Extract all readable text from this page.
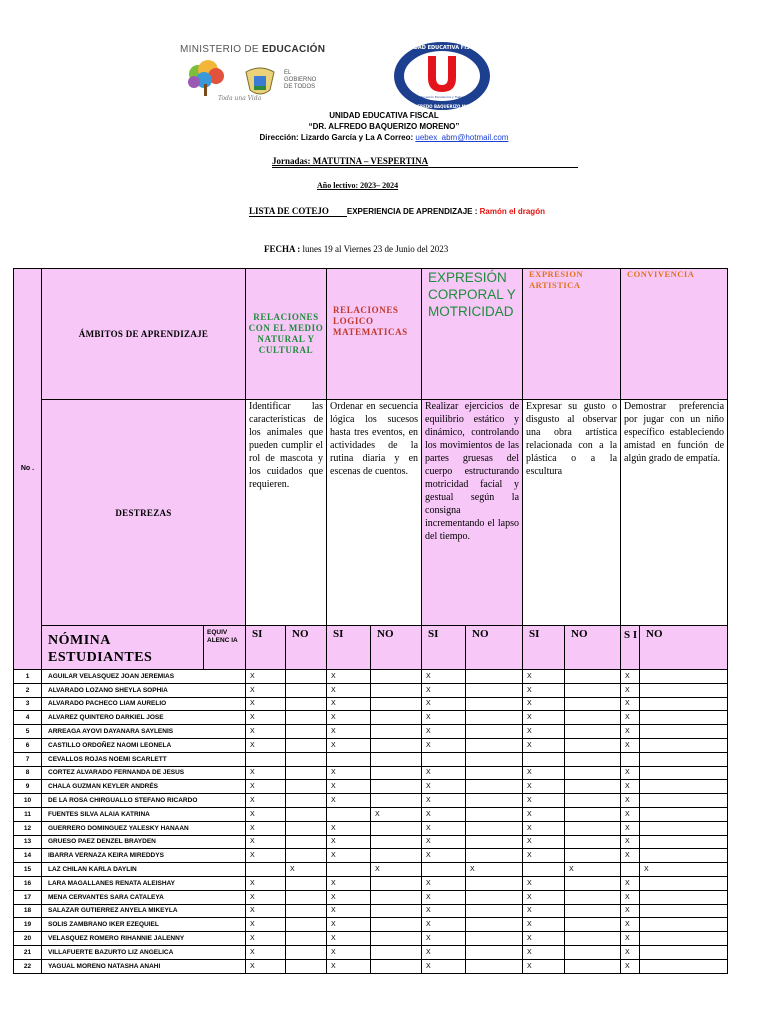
MINISTERIO DE EDUCACIÓN
Toda una Vida
EL
GOBIERNO
DE TODOS
Educación Excelencia y Trabajo
UNIDAD EDUCATIVA FISCAL
DR. ALFREDO BAQUERIZO MORENO
UNIDAD EDUCATIVA FISCAL
“DR. ALFREDO BAQUERIZO MORENO”
Dirección: Lizardo García y La A Correo: uebex_abm@hotmail.com
Jornadas: MATUTINA – VESPERTINA
Año lectivo: 2023– 2024
LISTA DE COTEJO EXPERIENCIA DE APRENDIZAJE : Ramón el dragón
FECHA : lunes 19 al Viernes 23 de Junio del 2023
No .	ÁMBITOS DE APRENDIZAJE		RELACIONES CON EL MEDIO NATURAL Y CULTURAL		RELACIONES LOGICO MATEMATICAS		EXPRESIÓN CORPORAL Y MOTRICIDAD		EXPRESION ARTISTICA		CONVIVENCIA	
	DESTREZAS		Identificar las características de los animales que pueden cumplir el rol de mascota y los cuidados que requieren.		Ordenar en secuencia lógica los sucesos hasta tres eventos, en actividades de la rutina diaria y en escenas de cuentos.		Realizar ejercicios de equilibrio estático y dinámico, controlando los movimientos de las partes gruesas del cuerpo estructurando motricidad facial y gestual según la consigna incrementando el lapso del tiempo.		Expresar su gusto o disgusto al observar una obra artística relacionada con a la plástica o a la escultura		Demostrar preferencia por jugar con un niño específico estableciendo amistad en función de algún grado de empatía.	
	NÓMINA ESTUDIANTES	EQUIV ALENC IA	SI	NO	SI	NO	SI	NO	SI	NO	S I	NO
1	AGUILAR VELASQUEZ JOAN JEREMIAS		X		X		X		X		X	
2	ALVARADO LOZANO SHEYLA SOPHIA		X		X		X		X		X	
3	ALVARADO PACHECO LIAM AURELIO		X		X		X		X		X	
4	ALVAREZ QUINTERO DARKIEL JOSE		X		X		X		X		X	
5	ARREAGA AYOVI DAYANARA SAYLENIS		X		X		X		X		X	
6	CASTILLO ORDOÑEZ NAOMI LEONELA		X		X		X		X		X	
7	CEVALLOS ROJAS NOEMI SCARLETT											
8	CORTEZ ALVARADO FERNANDA DE JESUS		X		X		X		X		X	
9	CHALA GUZMAN KEYLER ANDRÉS		X		X		X		X		X	
10	DE LA ROSA CHIRGUALLO STEFANO RICARDO		X		X		X		X		X	
11	FUENTES SILVA ALAIA KATRINA		X			X	X		X		X	
12	GUERRERO DOMINGUEZ YALESKY HANAAN		X		X		X		X		X	
13	GRUESO PAEZ DENZEL BRAYDEN		X		X		X		X		X	
14	IBARRA VERNAZA KEIRA MIREDDYS		X		X		X		X		X	
15	LAZ CHILAN KARLA DAYLIN			X		X		X		X		X
16	LARA MAGALLANES RENATA ALEISHAY		X		X		X		X		X	
17	MENA CERVANTES SARA CATALEYA		X		X		X		X		X	
18	SALAZAR GUTIERREZ ANYELA MIKEYLA		X		X		X		X		X	
19	SOLIS ZAMBRANO IKER EZEQUIEL		X		X		X		X		X	
20	VELASQUEZ ROMERO RIHANNIE JALENNY		X		X		X		X		X	
21	VILLAFUERTE BAZURTO LIZ ANGELICA		X		X		X		X		X	
22	YAGUAL MORENO NATASHA ANAHI		X		X		X		X		X	
